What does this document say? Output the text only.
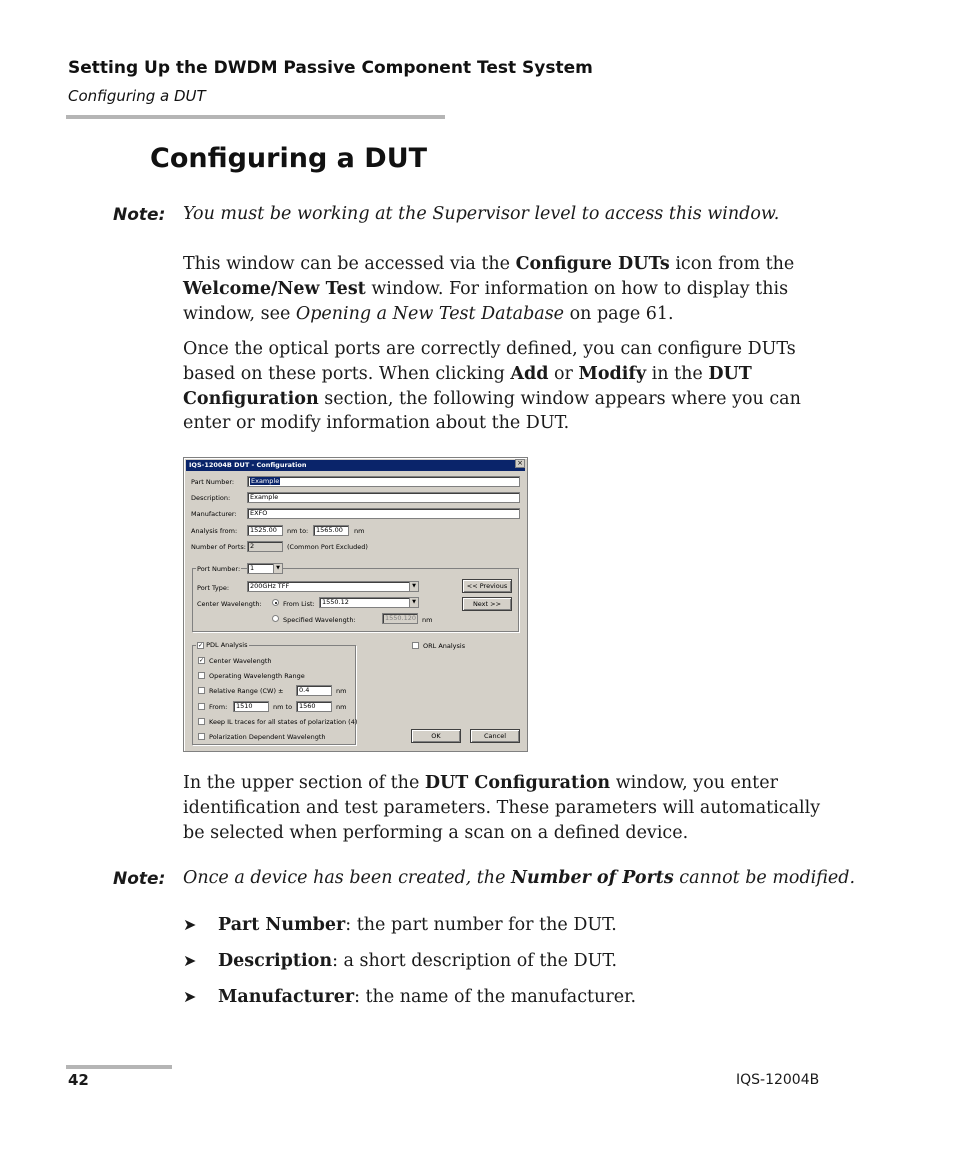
Setting Up the DWDM Passive Component Test System
Configuring a DUT
Configuring a DUT
Note: You must be working at the Supervisor level to access this window.

This window can be accessed via the Configure DUTs icon from the Welcome/New Test window. For information on how to display this window, see Opening a New Test Database on page 61.

Once the optical ports are correctly defined, you can configure DUTs based on these ports. When clicking Add or Modify in the DUT Configuration section, the following window appears where you can enter or modify information about the DUT.

IQS-12004B DUT - Configuration	×
Part Number:	Example
Description:	Example
Manufacturer:	EXFO
Analysis from:	1525.00	nm to:	1565.00	nm
Number of Ports: 2	(Common Port Excluded)
Port Number:	1	▼
Port Type:	200GHz TFF	▼
Center Wavelength:	From List:	1550.12	▼
Specified Wavelength:	1550.120 nm
<< Previous
Next >>
✓ PDL Analysis	ORL Analysis
✓ Center Wavelength
Operating Wavelength Range
Relative Range (CW) ±	0.4	nm
From:	1510	nm to	1560	nm
Keep IL traces for all states of polarization (4)
Polarization Dependent Wavelength	OK	Cancel

In the upper section of the DUT Configuration window, you enter identification and test parameters. These parameters will automatically be selected when performing a scan on a defined device.

Note: Once a device has been created, the Number of Ports cannot be modified.
➤ Part Number: the part number for the DUT.
➤ Description: a short description of the DUT.
➤ Manufacturer: the name of the manufacturer.
42	IQS-12004B
